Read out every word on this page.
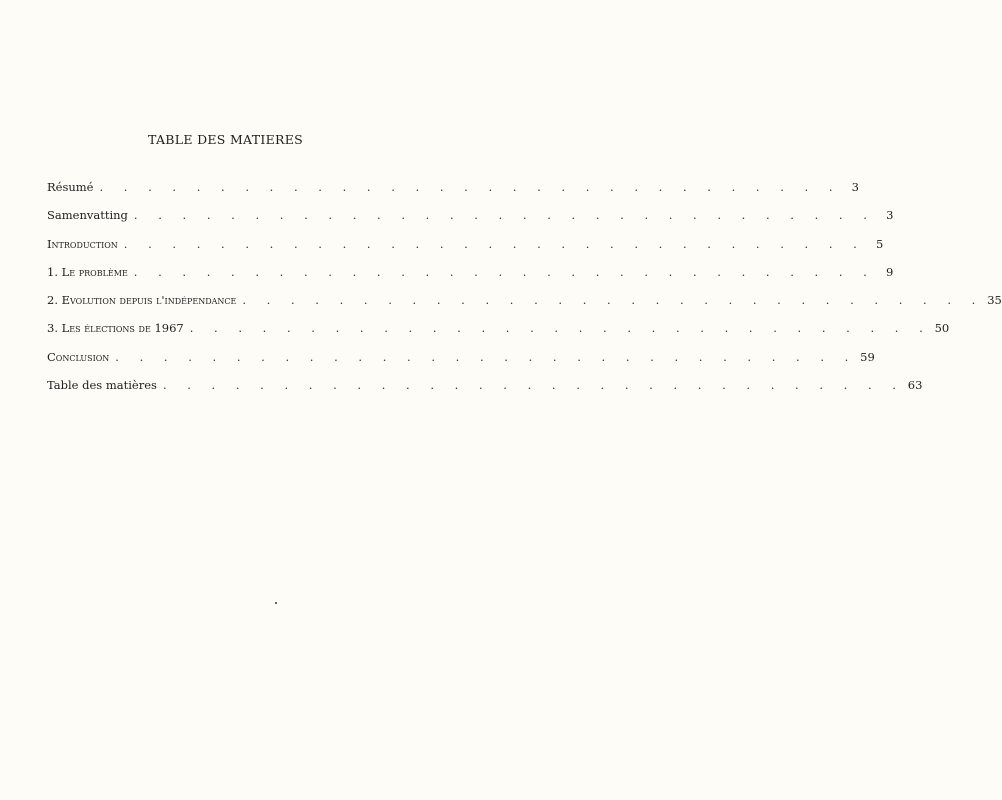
TABLE DES MATIERES
Résumé . . . . . . . . . . . . . . . . . . . . . . . . . . . . . . . 3
Samenvatting . . . . . . . . . . . . . . . . . . . . . . . . . . . . . . . 3
Introduction . . . . . . . . . . . . . . . . . . . . . . . . . . . . . . . 5
1. Le problème . . . . . . . . . . . . . . . . . . . . . . . . . . . . . . . 9
2. Evolution depuis l'indépendance . . . . . . . . . . . . . . . . . . . . . . . . . . . . . . . 35
3. Les élections de 1967 . . . . . . . . . . . . . . . . . . . . . . . . . . . . . . . 50
Conclusion . . . . . . . . . . . . . . . . . . . . . . . . . . . . . . . 59
Table des matières . . . . . . . . . . . . . . . . . . . . . . . . . . . . . . . 63
